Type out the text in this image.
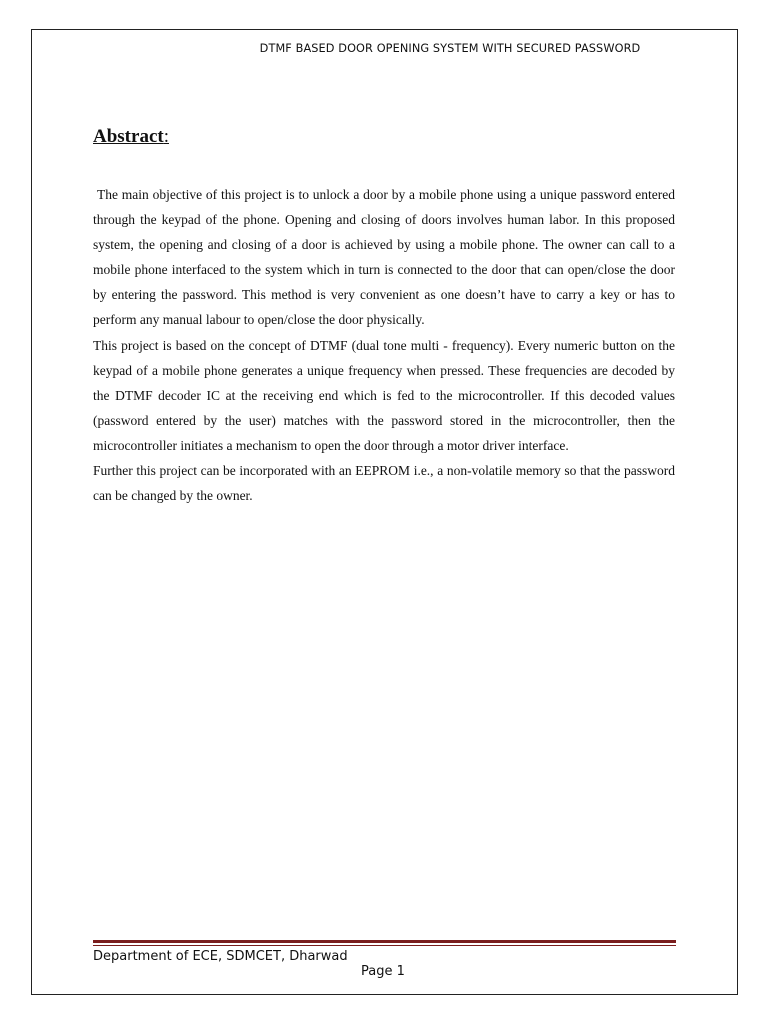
DTMF BASED DOOR OPENING SYSTEM WITH SECURED PASSWORD
Abstract:

The main objective of this project is to unlock a door by a mobile phone using a unique password entered through the keypad of the phone. Opening and closing of doors involves human labor. In this proposed system, the opening and closing of a door is achieved by using a mobile phone. The owner can call to a mobile phone interfaced to the system which in turn is connected to the door that can open/close the door by entering the password. This method is very convenient as one doesn’t have to carry a key or has to perform any manual labour to open/close the door physically.

This project is based on the concept of DTMF (dual tone multi - frequency). Every numeric button on the keypad of a mobile phone generates a unique frequency when pressed. These frequencies are decoded by the DTMF decoder IC at the receiving end which is fed to the microcontroller. If this decoded values (password entered by the user) matches with the password stored in the microcontroller, then the microcontroller initiates a mechanism to open the door through a motor driver interface.

Further this project can be incorporated with an EEPROM i.e., a non-volatile memory so that the password can be changed by the owner.

Department of ECE, SDMCET, Dharwad
Page 1
